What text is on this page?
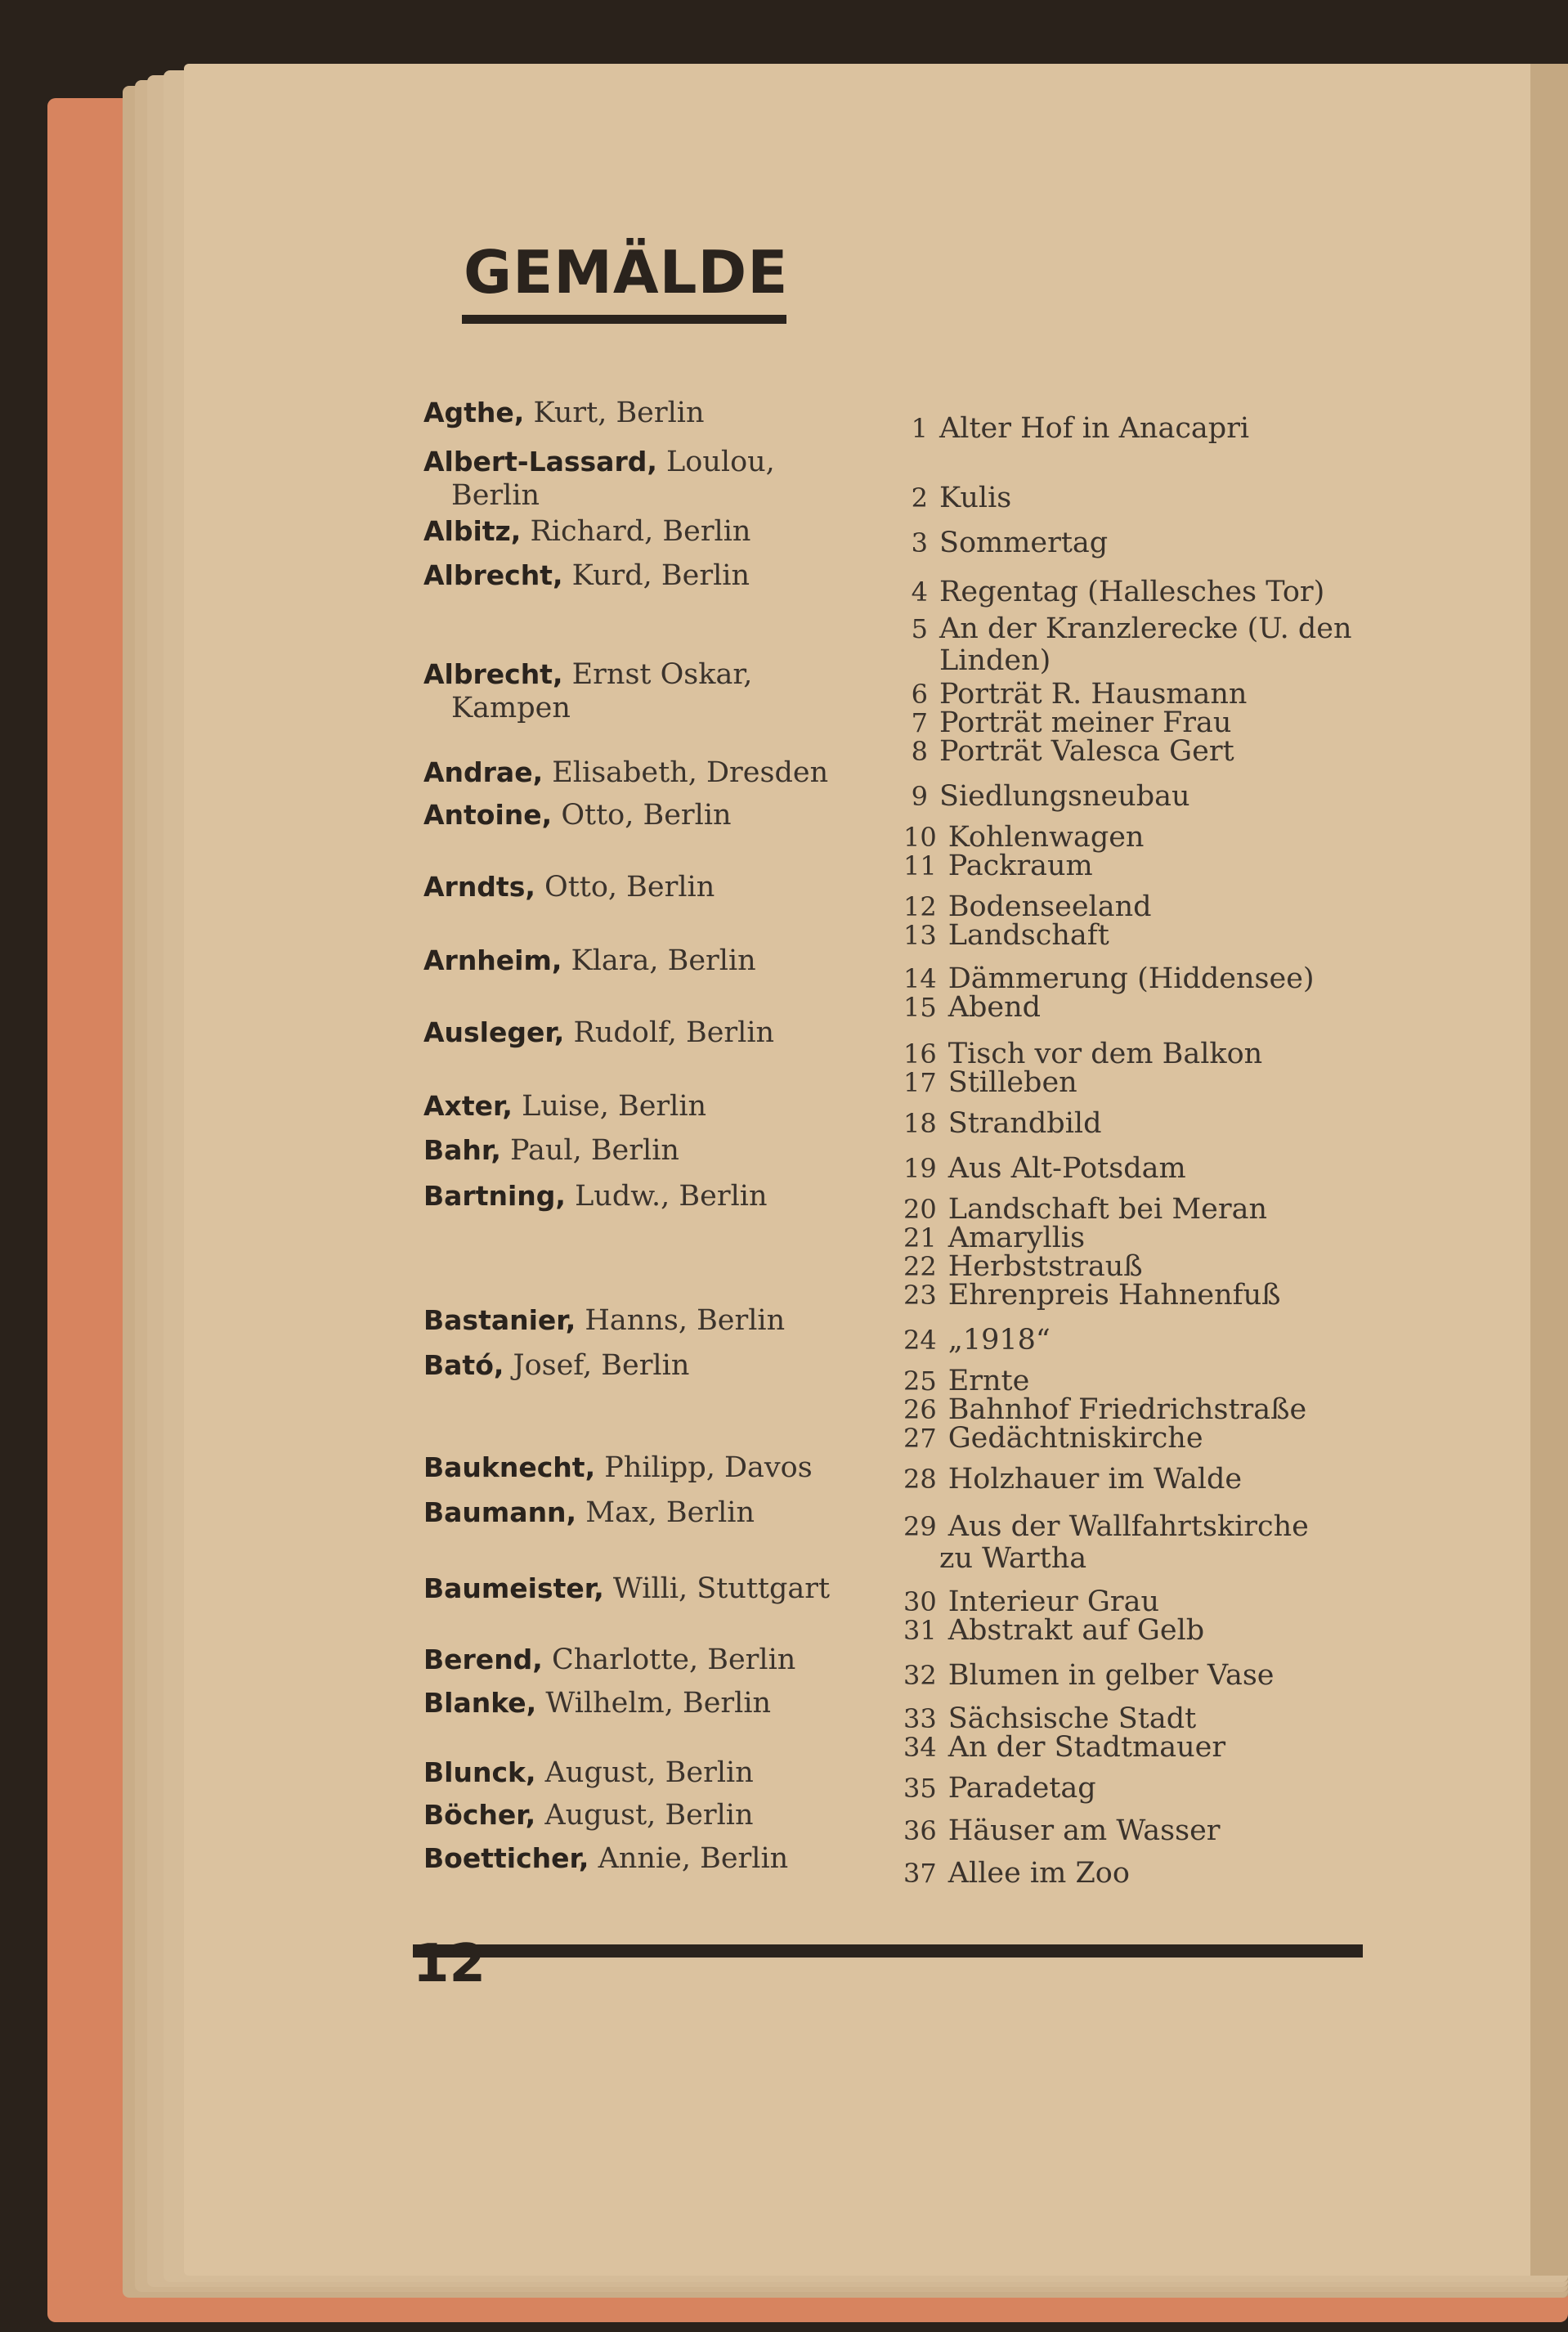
GEMÄLDE
Agthe, Kurt, Berlin
Albert-Lassard, Loulou,
Berlin
Albitz, Richard, Berlin
Albrecht, Kurd, Berlin
Albrecht, Ernst Oskar,
Kampen
Andrae, Elisabeth, Dresden
Antoine, Otto, Berlin
Arndts, Otto, Berlin
Arnheim, Klara, Berlin
Ausleger, Rudolf, Berlin
Axter, Luise, Berlin
Bahr, Paul, Berlin
Bartning, Ludw., Berlin
Bastanier, Hanns, Berlin
Bató, Josef, Berlin
Bauknecht, Philipp, Davos
Baumann, Max, Berlin
Baumeister, Willi, Stuttgart
Berend, Charlotte, Berlin
Blanke, Wilhelm, Berlin
Blunck, August, Berlin
Böcher, August, Berlin
Boetticher, Annie, Berlin
1 Alter Hof in Anacapri
2 Kulis
3 Sommertag
4 Regentag (Hallesches Tor)
5 An der Kranzlerecke (U. den
Linden)
6 Porträt R. Hausmann
7 Porträt meiner Frau
8 Porträt Valesca Gert
9 Siedlungsneubau
10 Kohlenwagen
11 Packraum
12 Bodenseeland
13 Landschaft
14 Dämmerung (Hiddensee)
15 Abend
16 Tisch vor dem Balkon
17 Stilleben
18 Strandbild
19 Aus Alt-Potsdam
20 Landschaft bei Meran
21 Amaryllis
22 Herbststrauß
23 Ehrenpreis Hahnenfuß
24 „1918“
25 Ernte
26 Bahnhof Friedrichstraße
27 Gedächtniskirche
28 Holzhauer im Walde
29 Aus der Wallfahrtskirche
zu Wartha
30 Interieur Grau
31 Abstrakt auf Gelb
32 Blumen in gelber Vase
33 Sächsische Stadt
34 An der Stadtmauer
35 Paradetag
36 Häuser am Wasser
37 Allee im Zoo
12
